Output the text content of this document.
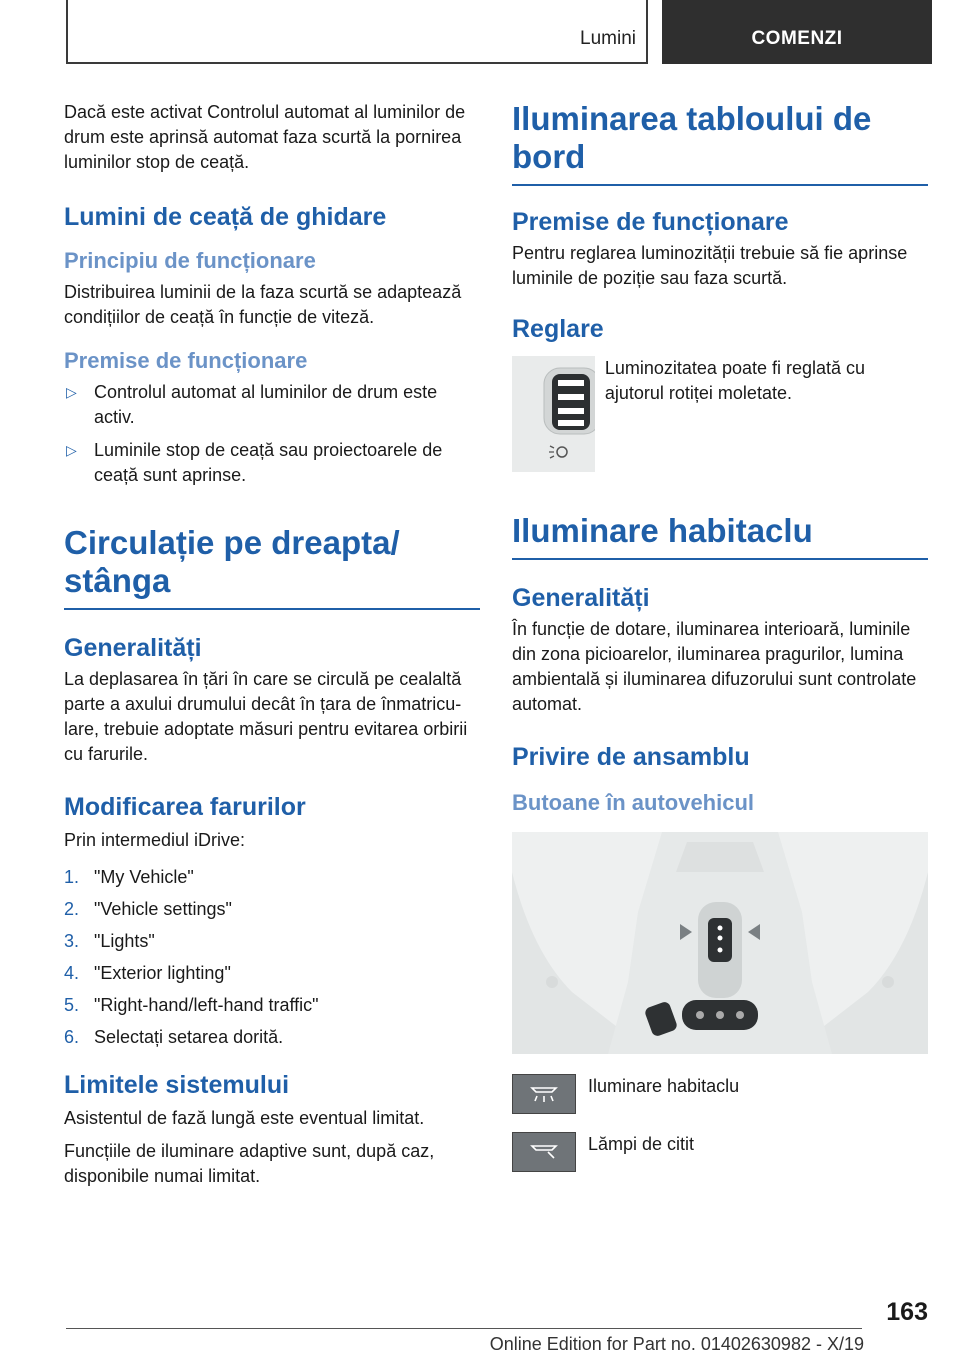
Lumini	COMENZI

Dacă este activat Controlul automat al luminilor de drum este aprinsă automat faza scurtă la pornirea luminilor stop de ceață.

Lumini de ceață de ghidare
Principiu de funcționare

Distribuirea luminii de la faza scurtă se adaptează condițiilor de ceață în funcție de viteză.

Premise de funcționare
▷ Controlul automat al luminilor de drum este activ.
▷ Luminile stop de ceață sau proiectoarele de ceață sunt aprinse.
Circulație pe dreapta/ stânga
Generalități

La deplasarea în țări în care se circulă pe cealaltă parte a axului drumului decât în țara de înmatriculare, trebuie adoptate măsuri pentru evitarea orbirii cu farurile.

Modificarea farurilor

Prin intermediul iDrive:

1. "My Vehicle"
2. "Vehicle settings"
3. "Lights"
4. "Exterior lighting"
5. "Right-hand/left-hand traffic"
6. Selectați setarea dorită.
Limitele sistemului

Asistentul de fază lungă este eventual limitat.

Funcțiile de iluminare adaptive sunt, după caz, disponibile numai limitat.

Iluminarea tabloului de bord
Premise de funcționare

Pentru reglarea luminozității trebuie să fie aprinse luminile de poziție sau faza scurtă.

Reglare

Luminozitatea poate fi reglată cu ajutorul rotiței moletate.

Iluminare habitaclu
Generalități

În funcție de dotare, iluminarea interioară, luminile din zona picioarelor, iluminarea pragurilor, lumina ambientală și iluminarea difuzorului sunt controlate automat.

Privire de ansamblu
Butoane în autovehicul
Iluminare habitaclu
Lămpi de citit
163
Online Edition for Part no. 01402630982 - X/19
